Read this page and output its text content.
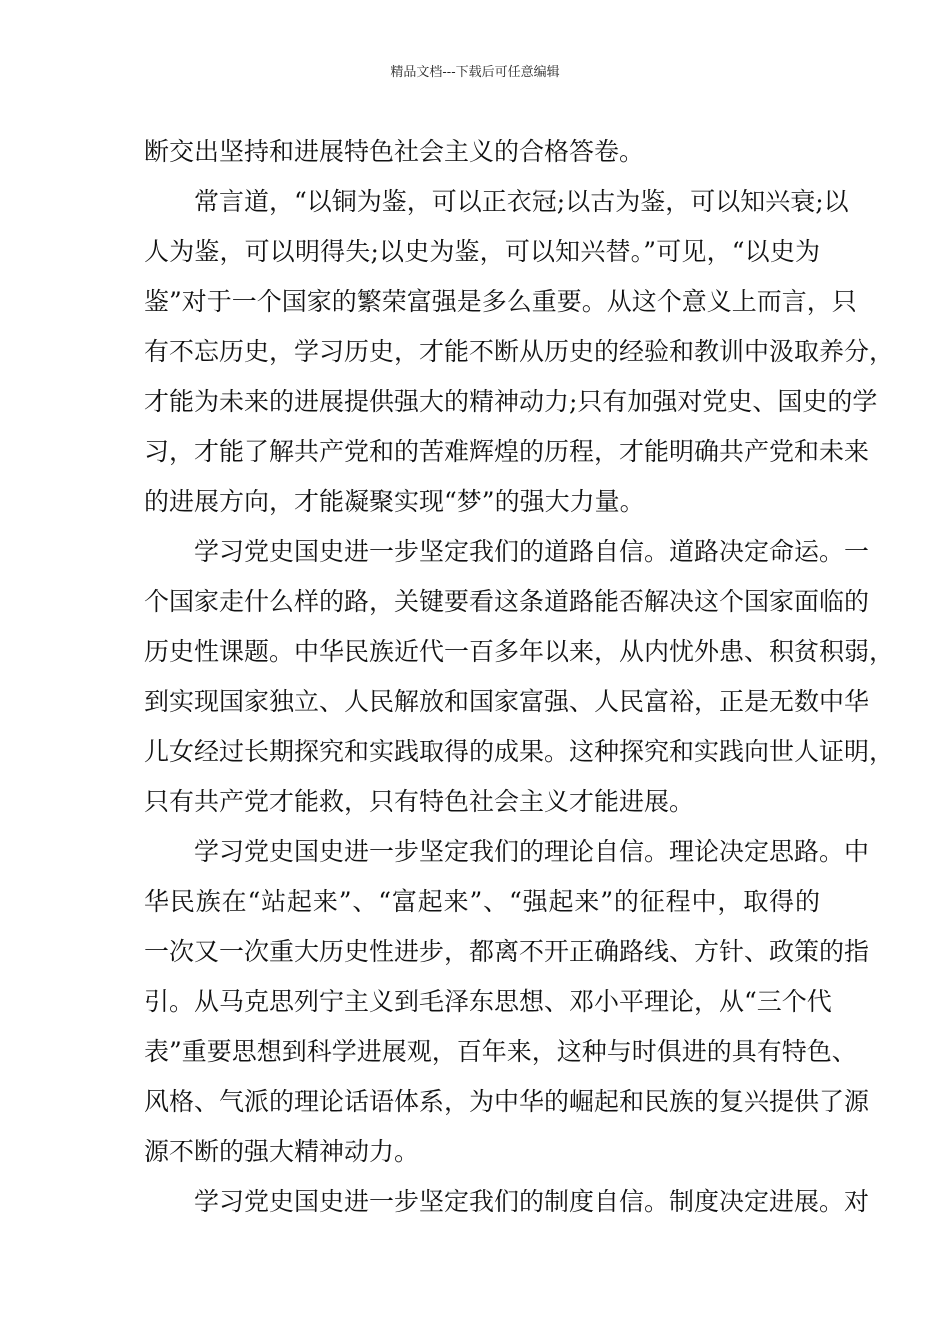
精品文档---下载后可任意编辑
断交出坚持和进展特色社会主义的合格答卷。
常言道，“以铜为鉴，可以正衣冠;以古为鉴，可以知兴衰;以
人为鉴，可以明得失;以史为鉴，可以知兴替。”可见，“以史为
鉴”对于一个国家的繁荣富强是多么重要。从这个意义上而言，只
有不忘历史，学习历史，才能不断从历史的经验和教训中汲取养分，
才能为未来的进展提供强大的精神动力;只有加强对党史、国史的学
习，才能了解共产党和的苦难辉煌的历程，才能明确共产党和未来
的进展方向，才能凝聚实现“梦”的强大力量。
学习党史国史进一步坚定我们的道路自信。道路决定命运。一
个国家走什么样的路，关键要看这条道路能否解决这个国家面临的
历史性课题。中华民族近代一百多年以来，从内忧外患、积贫积弱，
到实现国家独立、人民解放和国家富强、人民富裕，正是无数中华
儿女经过长期探究和实践取得的成果。这种探究和实践向世人证明，
只有共产党才能救，只有特色社会主义才能进展。
学习党史国史进一步坚定我们的理论自信。理论决定思路。中
华民族在“站起来”、“富起来”、“强起来”的征程中，取得的
一次又一次重大历史性进步，都离不开正确路线、方针、政策的指
引。从马克思列宁主义到毛泽东思想、邓小平理论，从“三个代
表”重要思想到科学进展观，百年来，这种与时俱进的具有特色、
风格、气派的理论话语体系，为中华的崛起和民族的复兴提供了源
源不断的强大精神动力。
学习党史国史进一步坚定我们的制度自信。制度决定进展。对
